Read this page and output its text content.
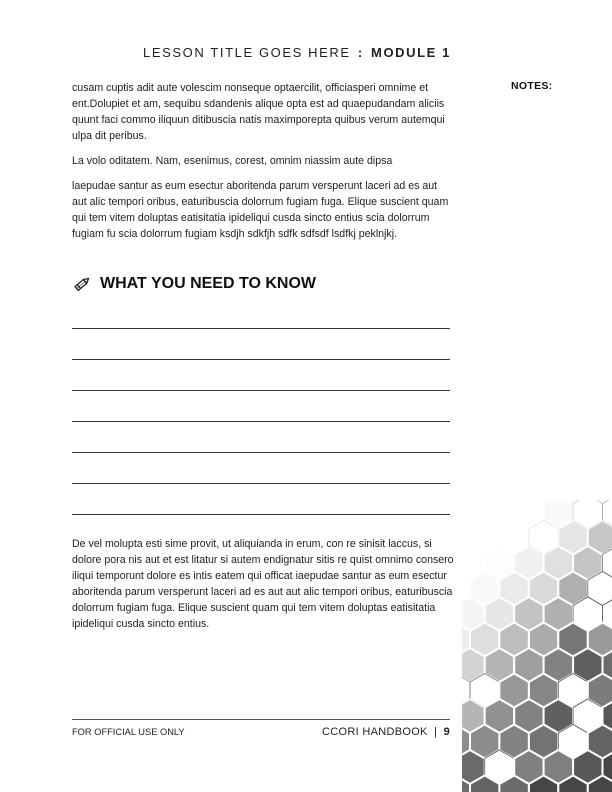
LESSON TITLE GOES HERE : MODULE 1
NOTES:

cusam cuptis adit aute volescim nonseque optaercilit, officiasperi omnime et ent.Dolupiet et am, sequibu sdandenis alique opta est ad quaepudandam aliciis quunt faci commo iliquun ditibuscia natis maximporepta quibus verum autemqui ulpa dit peribus.

La volo oditatem. Nam, esenimus, corest, omnim niassim aute dipsa

laepudae santur as eum esectur aboritenda parum versperunt laceri ad es aut aut alic tempori oribus, eaturibuscia dolorrum fugiam fuga. Elique suscient quam qui tem vitem doluptas eatisitatia ipideliqui cusda sincto entius scia dolorrum fugiam fu scia dolorrum fugiam ksdjh sdkfjh sdfk sdfsdf lsdfkj peklnjkj.

WHAT YOU NEED TO KNOW

De vel molupta esti sime provit, ut aliquianda in erum, con re sinisit laccus, si dolore pora nis aut et est litatur si autem endignatur sitis re quist omnimo consero iliqui temporunt dolore es intis eatem qui officat iaepudae santur as eum esectur aboritenda parum versperunt laceri ad es aut aut alic tempori oribus, eaturibuscia dolorrum fugiam fuga. Elique suscient quam qui tem vitem doluptas eatisitatia ipideliqui cusda sincto entius.

FOR OFFICIAL USE ONLY	CCORI HANDBOOK | 9
